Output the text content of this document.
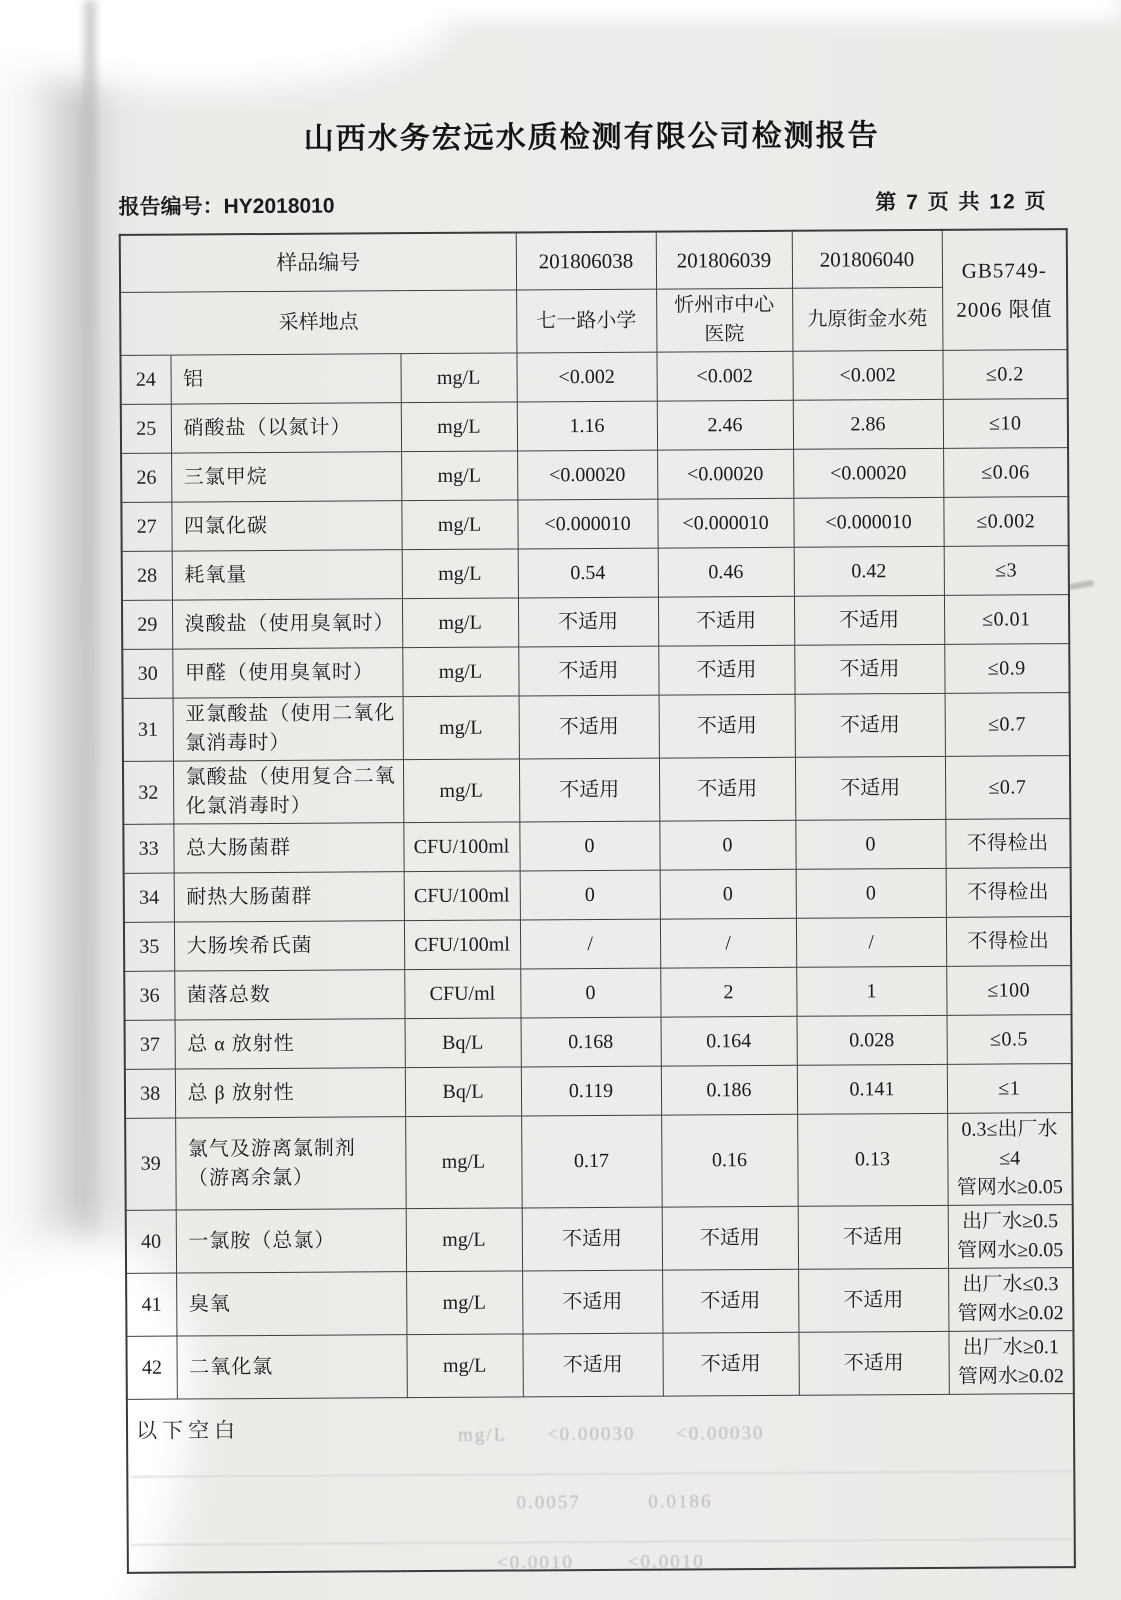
山西水务宏远水质检测有限公司检测报告
报告编号：HY2018010	第 7 页 共 12 页
样品编号			201806038	201806039	201806040	GB5749-
2006 限值

采样地点			七一路小学	忻州市中心
医院	九原街金水苑	
24	铝	mg/L	<0.002	<0.002	<0.002	≤0.2
25	硝酸盐（以氮计）	mg/L	1.16	2.46	2.86	≤10
26	三氯甲烷	mg/L	<0.00020	<0.00020	<0.00020	≤0.06
27	四氯化碳	mg/L	<0.000010	<0.000010	<0.000010	≤0.002
28	耗氧量	mg/L	0.54	0.46	0.42	≤3
29	溴酸盐（使用臭氧时）	mg/L	不适用	不适用	不适用	≤0.01
30	甲醛（使用臭氧时）	mg/L	不适用	不适用	不适用	≤0.9
31	亚氯酸盐（使用二氧化氯消毒时）	mg/L	不适用	不适用	不适用	≤0.7
32	氯酸盐（使用复合二氧化氯消毒时）	mg/L	不适用	不适用	不适用	≤0.7
33	总大肠菌群	CFU/100ml	0	0	0	不得检出
34	耐热大肠菌群	CFU/100ml	0	0	0	不得检出
35	大肠埃希氏菌	CFU/100ml	/	/	/	不得检出
36	菌落总数	CFU/ml	0	2	1	≤100
37	总 α 放射性	Bq/L	0.168	0.164	0.028	≤0.5
38	总 β 放射性	Bq/L	0.119	0.186	0.141	≤1
39	氯气及游离氯制剂
（游离余氯）	mg/L	0.17	0.16	0.13	0.3≤出厂水≤4
管网水≥0.05
40	一氯胺（总氯）	mg/L	不适用	不适用	不适用	出厂水≥0.5
管网水≥0.05
41	臭氧	mg/L	不适用	不适用	不适用	出厂水≤0.3
管网水≥0.02
42	二氧化氯	mg/L	不适用	不适用	不适用	出厂水≥0.1
管网水≥0.02

以下空白 mg/L      <0.00030      <0.00030
0.0057          0.0186
<0.0010        <0.0010						
